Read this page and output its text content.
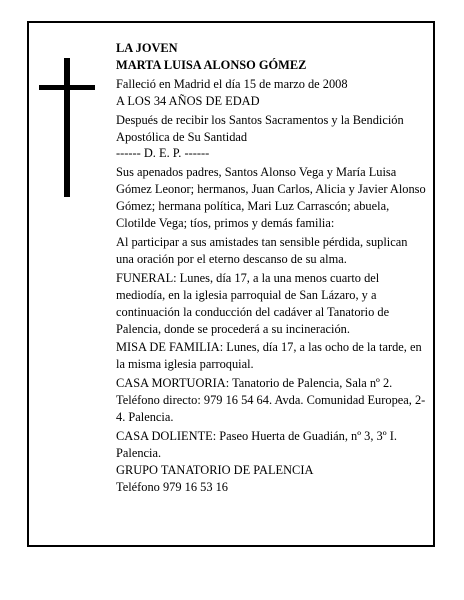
LA JOVEN
MARTA LUISA ALONSO GÓMEZ

Falleció en Madrid el día 15 de marzo de 2008

A LOS 34 AÑOS DE EDAD

Después de recibir los Santos Sacramentos y la Bendición Apostólica de Su Santidad

------ D. E. P. ------

Sus apenados padres, Santos Alonso Vega y María Luisa Gómez Leonor; hermanos, Juan Carlos, Alicia y Javier Alonso Gómez; hermana política, Mari Luz Carrascón; abuela, Clotilde Vega; tíos, primos y demás familia:

Al participar a sus amistades tan sensible pérdida, suplican una oración por el eterno descanso de su alma.

FUNERAL: Lunes, día 17, a la una menos cuarto del mediodía, en la iglesia parroquial de San Lázaro, y a continuación la conducción del cadáver al Tanatorio de Palencia, donde se procederá a su incineración.

MISA DE FAMILIA: Lunes, día 17, a las ocho de la tarde, en la misma iglesia parroquial.

CASA MORTUORIA: Tanatorio de Palencia, Sala nº 2. Teléfono directo: 979 16 54 64. Avda. Comunidad Europea, 2-4. Palencia.

CASA DOLIENTE: Paseo Huerta de Guadián, nº 3, 3º I. Palencia.

GRUPO TANATORIO DE PALENCIA

Teléfono 979 16 53 16
